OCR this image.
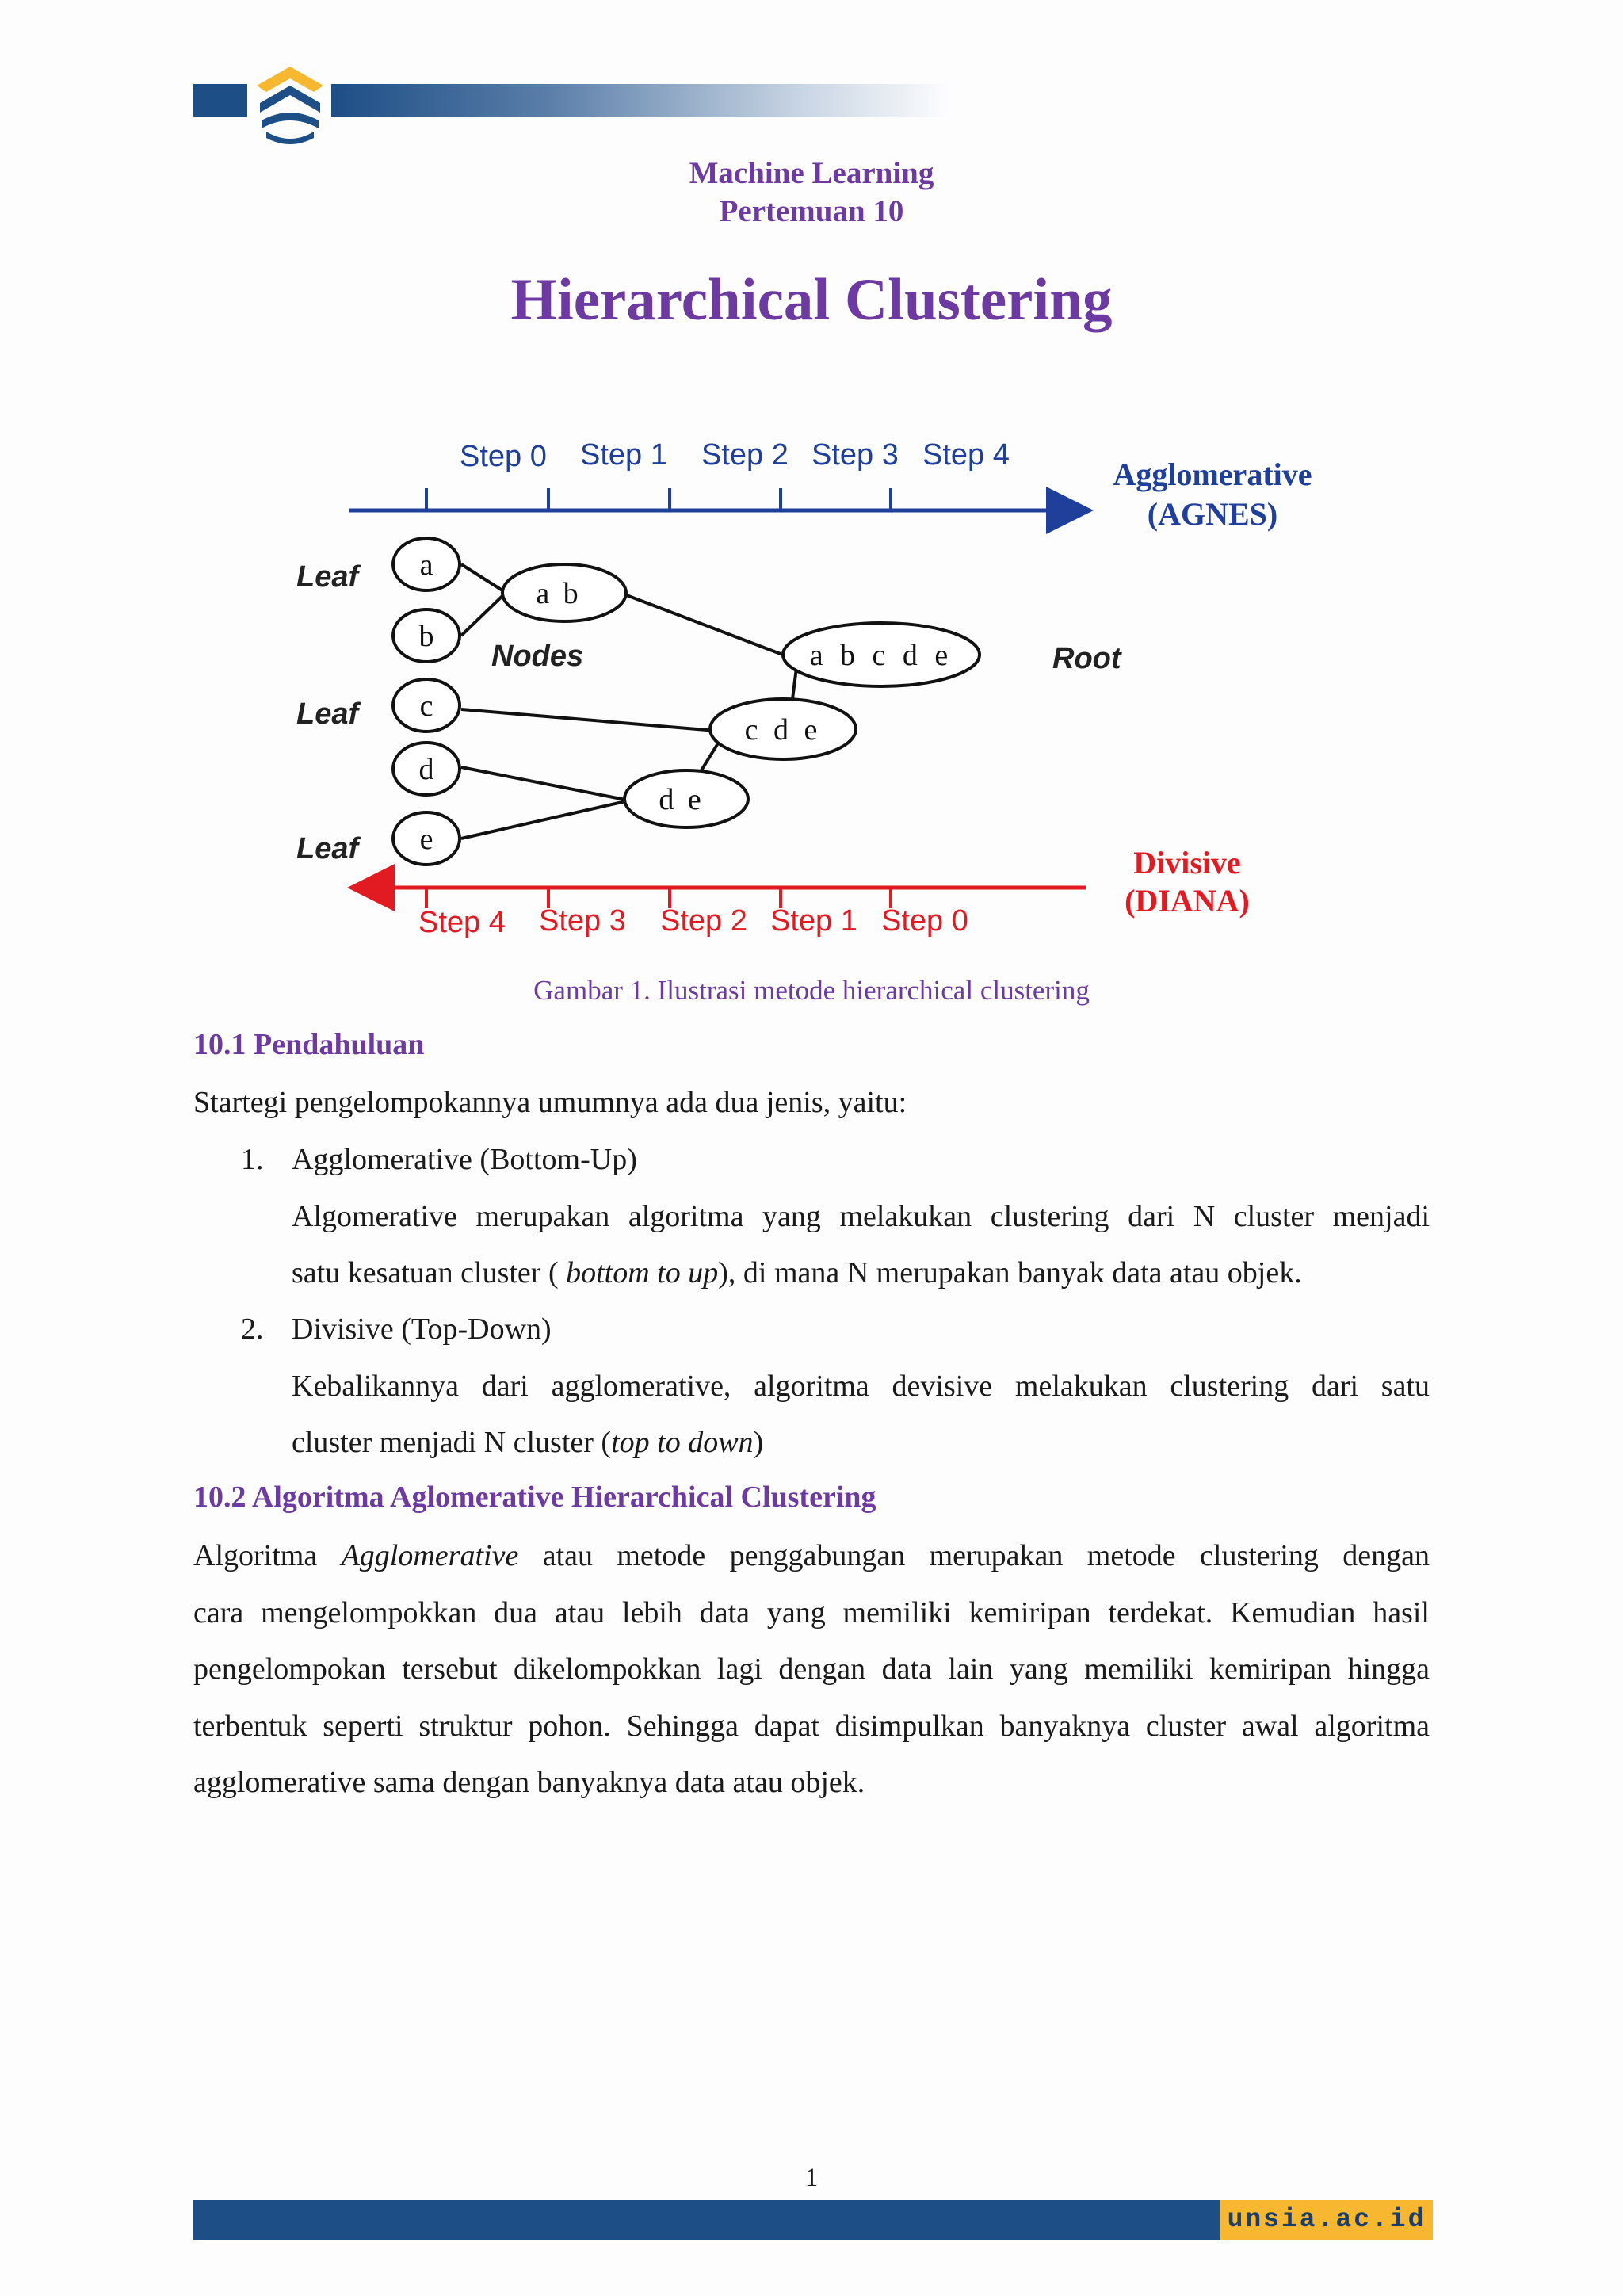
Machine Learning
Pertemuan 10
Hierarchical Clustering
Step 0 Step 1 Step 2 Step 3 Step 4
Agglomerative
(AGNES)
Leaf
Leaf
Leaf
Nodes	Root
a
b
c
d
e
a b
a b c d e
c d e
d e
Step 4 Step 3 Step 2 Step 1 Step 0
Divisive
(DIANA)
Gambar 1. Ilustrasi metode hierarchical clustering
10.1 Pendahuluan
Startegi pengelompokannya umumnya ada dua jenis, yaitu:
1. Agglomerative (Bottom-Up)
Algomerative merupakan algoritma yang melakukan clustering dari N cluster menjadi
satu kesatuan cluster ( bottom to up), di mana N merupakan banyak data atau objek.
2. Divisive (Top-Down)
Kebalikannya dari agglomerative, algoritma devisive melakukan clustering dari satu
cluster menjadi N cluster (top to down)
10.2 Algoritma Aglomerative Hierarchical Clustering
Algoritma Agglomerative atau metode penggabungan merupakan metode clustering dengan
cara mengelompokkan dua atau lebih data yang memiliki kemiripan terdekat. Kemudian hasil
pengelompokan tersebut dikelompokkan lagi dengan data lain yang memiliki kemiripan hingga
terbentuk seperti struktur pohon. Sehingga dapat disimpulkan banyaknya cluster awal algoritma
agglomerative sama dengan banyaknya data atau objek.
1
unsia.ac.id
